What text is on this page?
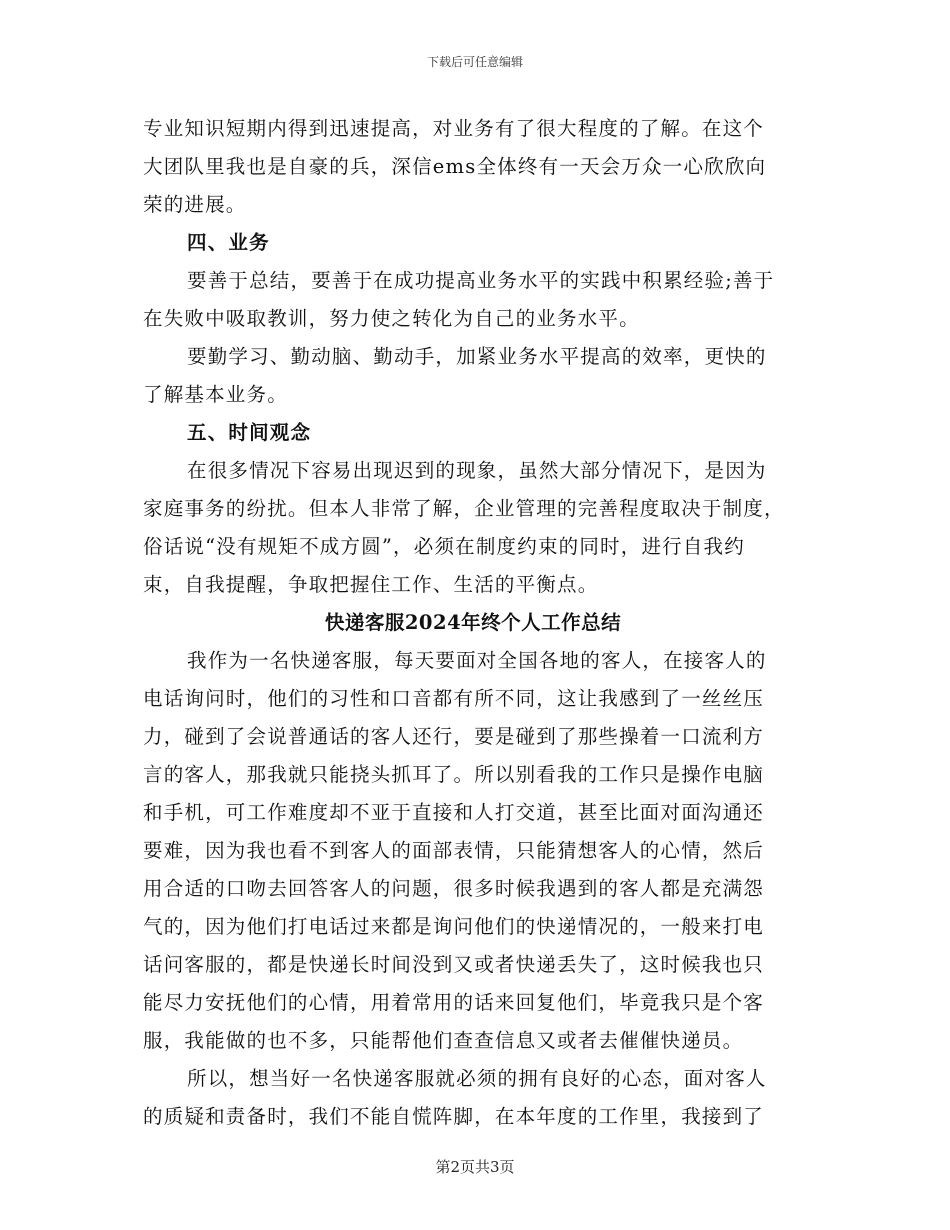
下载后可任意编辑
专业知识短期内得到迅速提高，对业务有了很大程度的了解。在这个
大团队里我也是自豪的兵，深信ems全体终有一天会万众一心欣欣向
荣的进展。
四、业务
要善于总结，要善于在成功提高业务水平的实践中积累经验;善于
在失败中吸取教训，努力使之转化为自己的业务水平。
要勤学习、勤动脑、勤动手，加紧业务水平提高的效率，更快的
了解基本业务。
五、时间观念
在很多情况下容易出现迟到的现象，虽然大部分情况下，是因为
家庭事务的纷扰。但本人非常了解，企业管理的完善程度取决于制度，
俗话说“没有规矩不成方圆”，必须在制度约束的同时，进行自我约
束，自我提醒，争取把握住工作、生活的平衡点。
快递客服2024年终个人工作总结
我作为一名快递客服，每天要面对全国各地的客人，在接客人的
电话询问时，他们的习性和口音都有所不同，这让我感到了一丝丝压
力，碰到了会说普通话的客人还行，要是碰到了那些操着一口流利方
言的客人，那我就只能挠头抓耳了。所以别看我的工作只是操作电脑
和手机，可工作难度却不亚于直接和人打交道，甚至比面对面沟通还
要难，因为我也看不到客人的面部表情，只能猜想客人的心情，然后
用合适的口吻去回答客人的问题，很多时候我遇到的客人都是充满怨
气的，因为他们打电话过来都是询问他们的快递情况的，一般来打电
话问客服的，都是快递长时间没到又或者快递丢失了，这时候我也只
能尽力安抚他们的心情，用着常用的话来回复他们，毕竟我只是个客
服，我能做的也不多，只能帮他们查查信息又或者去催催快递员。
所以，想当好一名快递客服就必须的拥有良好的心态，面对客人
的质疑和责备时，我们不能自慌阵脚，在本年度的工作里，我接到了
第2页共3页
